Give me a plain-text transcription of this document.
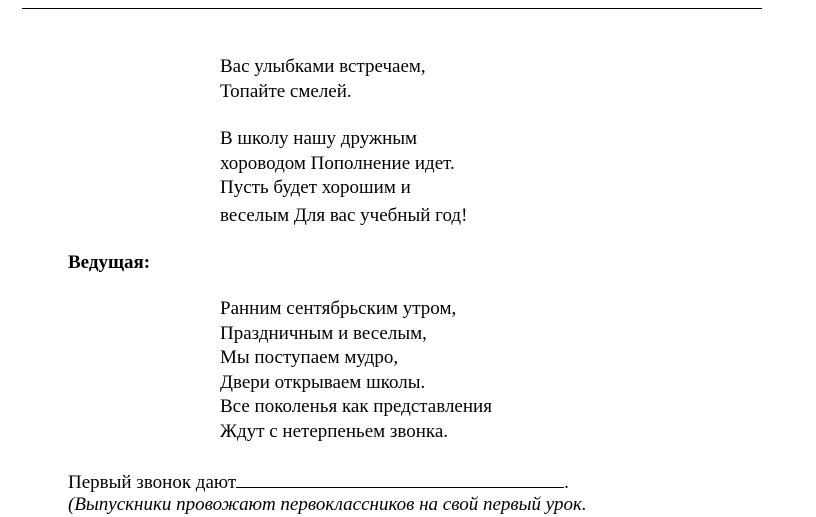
Вас улыбками встречаем,
Топайте смелей.
В школу нашу дружным
хороводом Пополнение идет.
Пусть будет хорошим и
веселым Для вас учебный год!
Ведущая:
Ранним сентябрьским утром,
Праздничным и веселым,
Мы поступаем мудро,
Двери открываем школы.
Все поколенья как представления
Ждут с нетерпеньем звонка.
Первый звонок дают	.
(Выпускники провожают первоклассников на свой первый урок.
